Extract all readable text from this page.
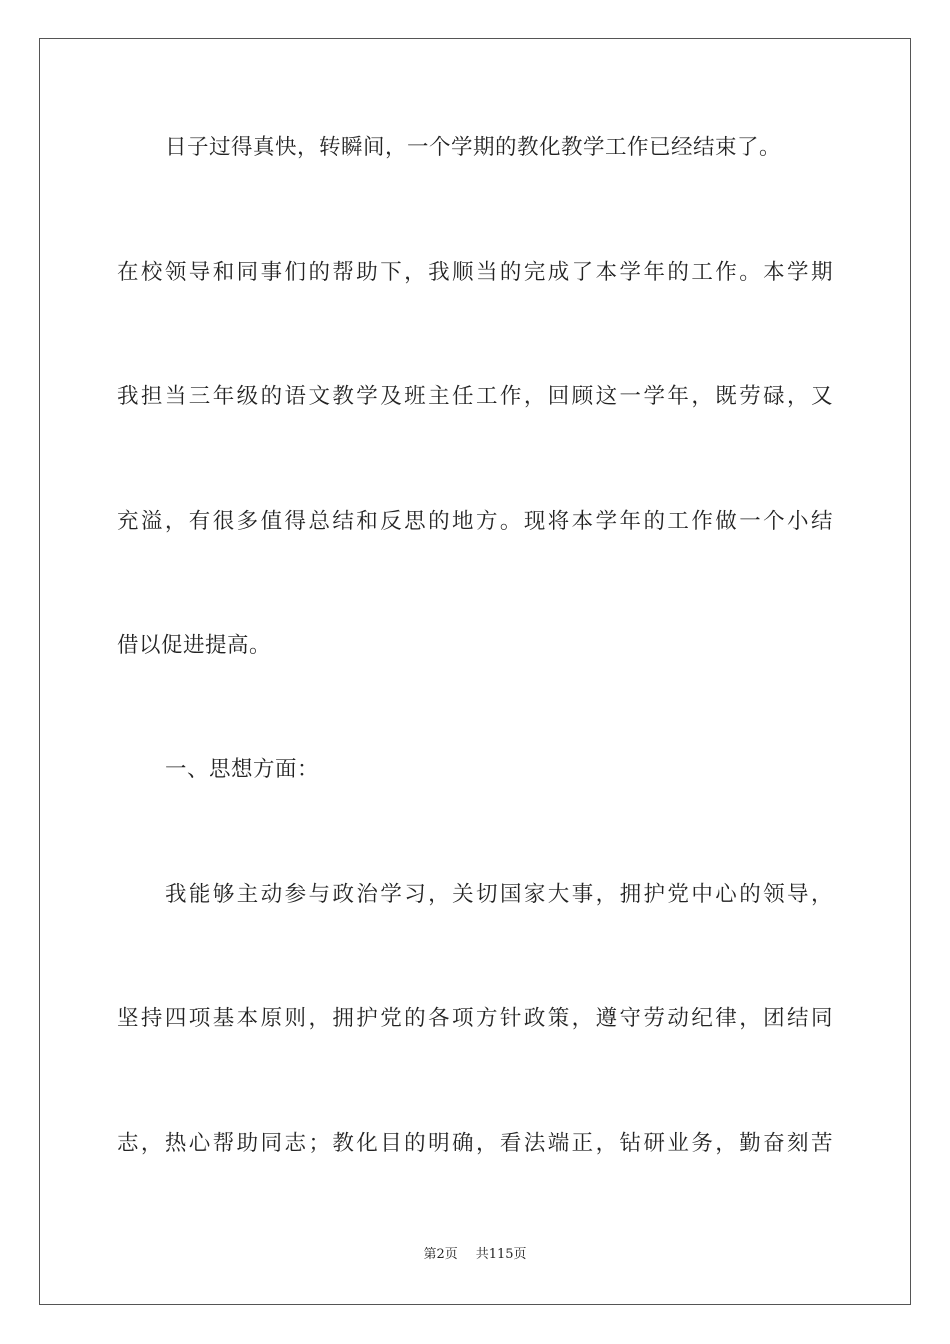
日子过得真快，转瞬间，一个学期的教化教学工作已经结束了。
在校领导和同事们的帮助下，我顺当的完成了本学年的工作。本学期
我担当三年级的语文教学及班主任工作，回顾这一学年，既劳碌，又
充溢，有很多值得总结和反思的地方。现将本学年的工作做一个小结
借以促进提高。
一、思想方面：
我能够主动参与政治学习，关切国家大事，拥护党中心的领导，
坚持四项基本原则，拥护党的各项方针政策，遵守劳动纪律，团结同
志，热心帮助同志；教化目的明确，看法端正，钻研业务，勤奋刻苦
第2页 共115页
